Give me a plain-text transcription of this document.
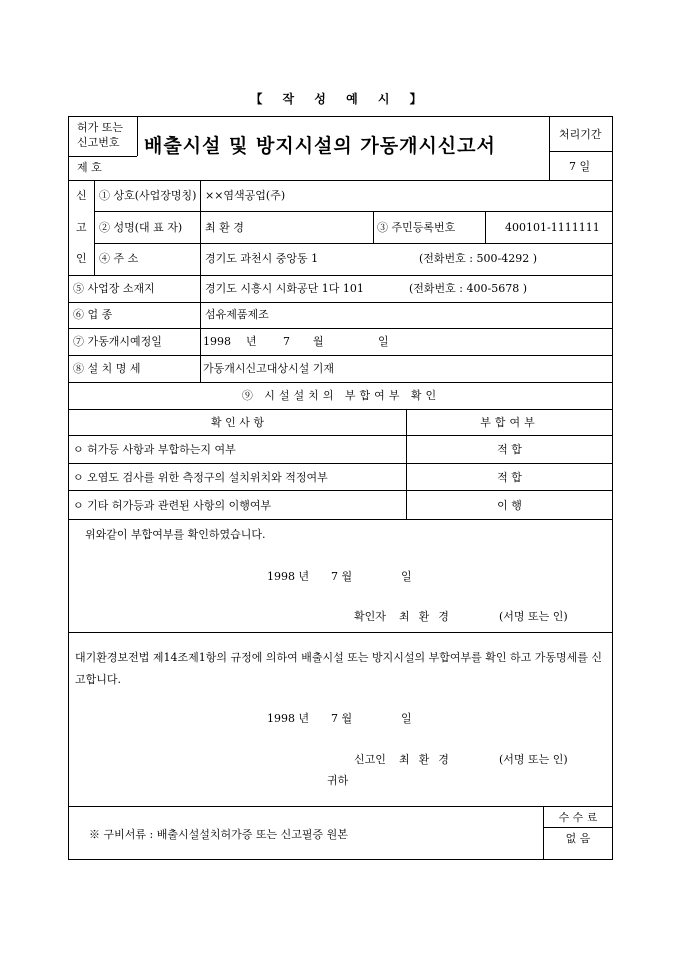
【 작 성 예 시 】
허가 또는
신고번호
제 호
배출시설 및 방지시설의 가동개시신고서
처리기간
7 일
신
고
인
① 상호(사업장명칭) ××염색공업(주)
② 성명(대 표 자) 최 환 경	③ 주민등록번호	400101-1111111
④ 주 소	경기도 과천시 중앙동 1	(전화번호 : 500-4292 )
⑤ 사업장 소재지	경기도 시흥시 시화공단 1다 101	(전화번호 : 400-5678 )
⑥ 업 종	섬유제품제조
⑦ 가동개시예정일	1998 년 7 월	일
⑧ 설 치 명 세	가동개시신고대상시설 기재
⑨ 시설설치의 부합여부 확인
확 인 사 항	부합여부
ㅇ 허가등 사항과 부합하는지 여부	적 합
ㅇ 오염도 검사를 위한 측정구의 설치위치와 적정여부	적 합
ㅇ 기타 허가등과 관련된 사항의 이행여부	이 행
위와같이 부합여부를 확인하였습니다.
1998 년 7 월	일
확인자 최환경	(서명 또는 인)
대기환경보전법 제14조제1항의 규정에 의하여 배출시설 또는 방지시설의 부합여부를 확인 하고 가동명세를 신고합니다.
1998 년 7 월	일
신고인 최환경	(서명 또는 인)
귀하
※ 구비서류 : 배출시설설치허가증 또는 신고필증 원본
수 수 료
없 음
